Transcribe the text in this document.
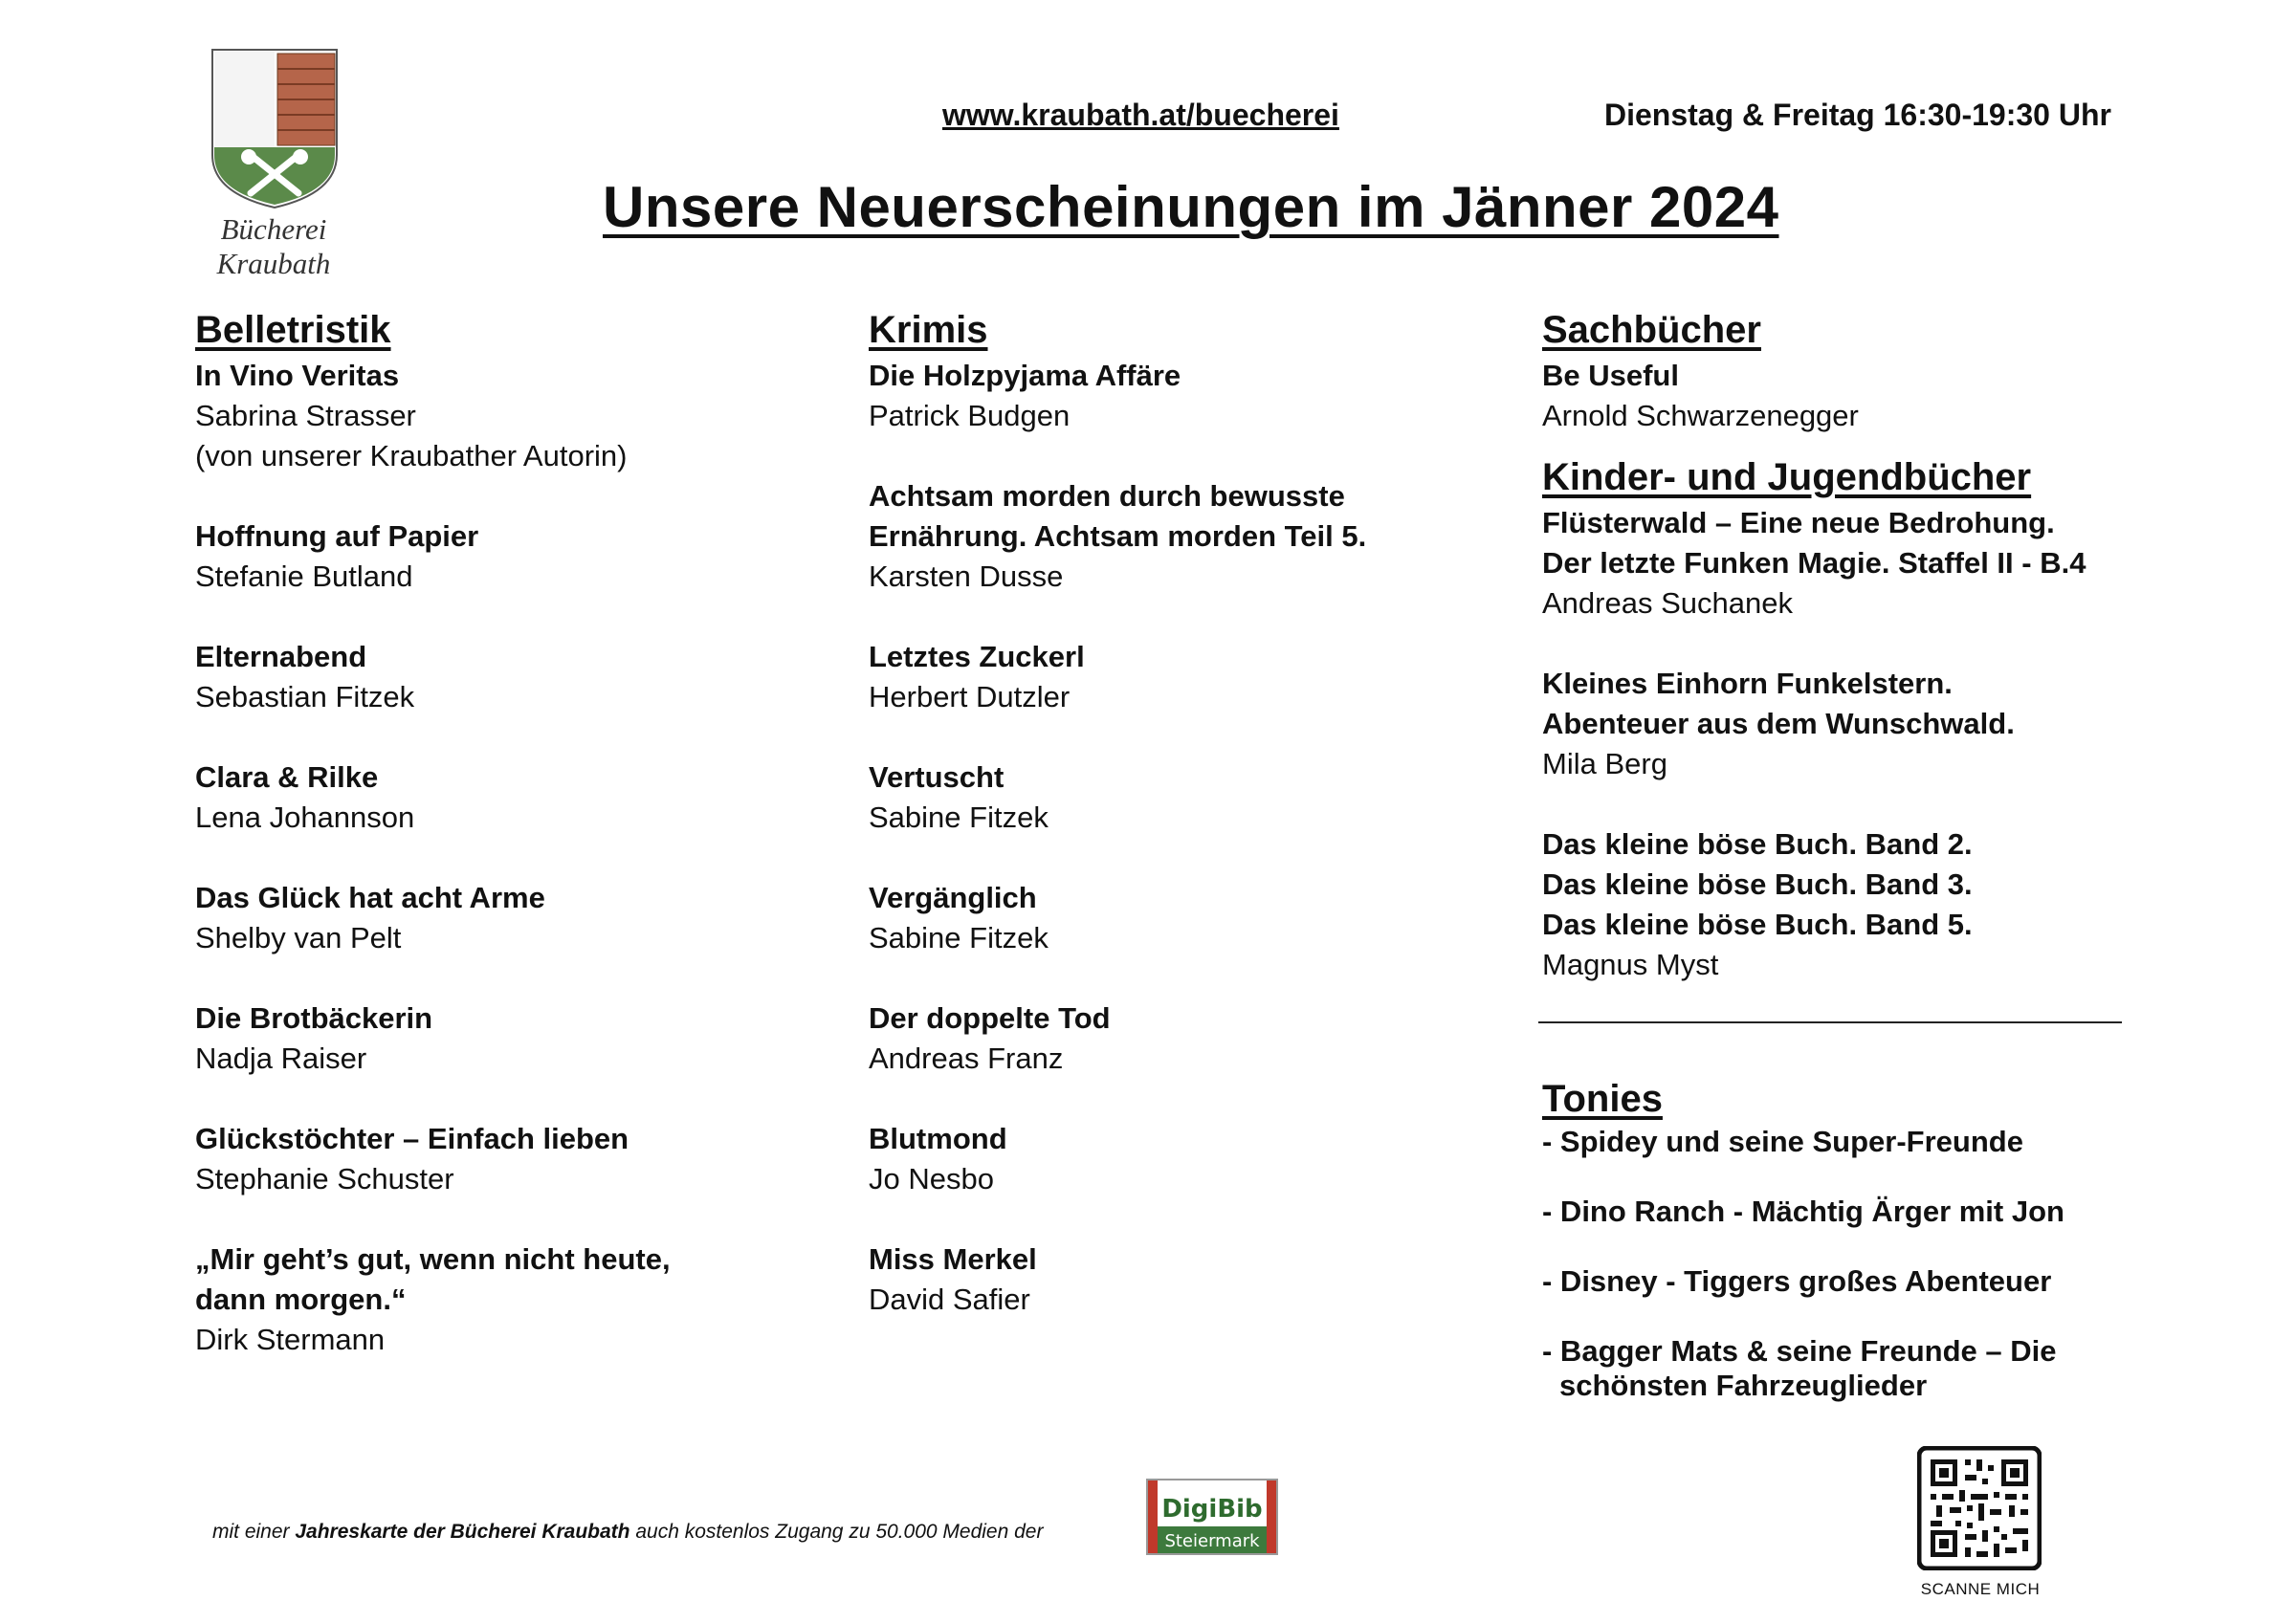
Bücherei
Kraubath
www.kraubath.at/buecherei	Dienstag & Freitag 16:30-19:30 Uhr
Unsere Neuerscheinungen im Jänner 2024
Belletristik
In Vino Veritas
Sabrina Strasser
(von unserer Kraubather Autorin)
Hoffnung auf Papier
Stefanie Butland
Elternabend
Sebastian Fitzek
Clara & Rilke
Lena Johannson
Das Glück hat acht Arme
Shelby van Pelt
Die Brotbäckerin
Nadja Raiser
Glückstöchter – Einfach lieben
Stephanie Schuster
„Mir geht’s gut, wenn nicht heute,
dann morgen.“
Dirk Stermann
Krimis
Die Holzpyjama Affäre
Patrick Budgen
Achtsam morden durch bewusste
Ernährung. Achtsam morden Teil 5.
Karsten Dusse
Letztes Zuckerl
Herbert Dutzler
Vertuscht
Sabine Fitzek
Vergänglich
Sabine Fitzek
Der doppelte Tod
Andreas Franz
Blutmond
Jo Nesbo
Miss Merkel
David Safier
Sachbücher
Be Useful
Arnold Schwarzenegger
Kinder- und Jugendbücher
Flüsterwald – Eine neue Bedrohung.
Der letzte Funken Magie. Staffel II - B.4
Andreas Suchanek
Kleines Einhorn Funkelstern.
Abenteuer aus dem Wunschwald.
Mila Berg
Das kleine böse Buch. Band 2.
Das kleine böse Buch. Band 3.
Das kleine böse Buch. Band 5.
Magnus Myst
Tonies
- Spidey und seine Super-Freunde
- Dino Ranch - Mächtig Ärger mit Jon
- Disney - Tiggers großes Abenteuer
- Bagger Mats & seine Freunde – Die
schönsten Fahrzeuglieder
mit einer Jahreskarte der Bücherei Kraubath auch kostenlos Zugang zu 50.000 Medien der
DigiBib
Steiermark
SCANNE MICH
